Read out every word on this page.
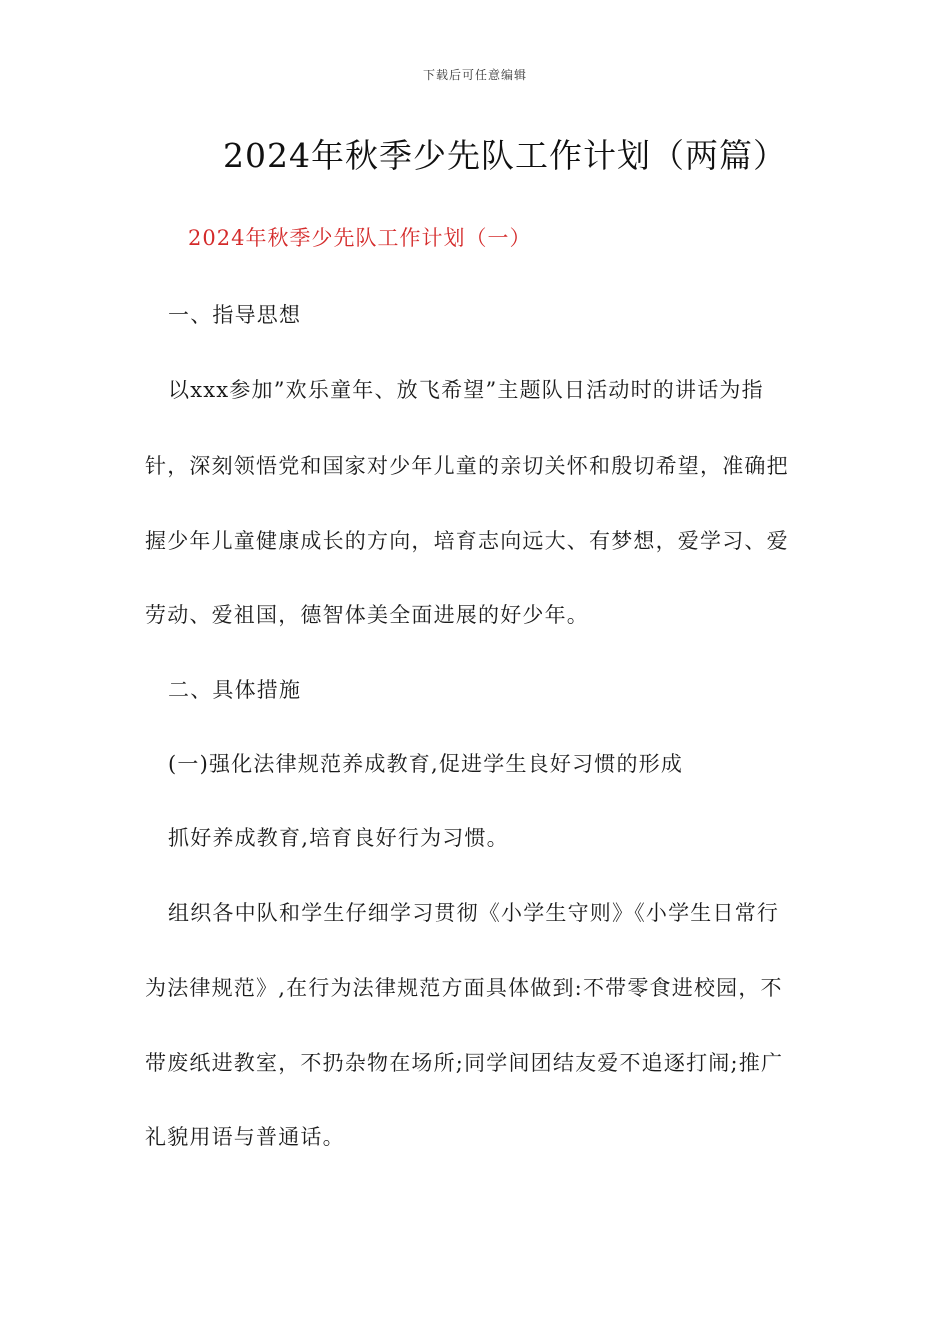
下载后可任意编辑
2024年秋季少先队工作计划（两篇）
2024年秋季少先队工作计划（一）
一、指导思想
以xxx参加”欢乐童年、放飞希望”主题队日活动时的讲话为指
针，深刻领悟党和国家对少年儿童的亲切关怀和殷切希望，准确把
握少年儿童健康成长的方向，培育志向远大、有梦想，爱学习、爱
劳动、爱祖国，德智体美全面进展的好少年。
二、具体措施
(一)强化法律规范养成教育,促进学生良好习惯的形成
抓好养成教育,培育良好行为习惯。
组织各中队和学生仔细学习贯彻《小学生守则》《小学生日常行
为法律规范》,在行为法律规范方面具体做到:不带零食进校园，不
带废纸进教室，不扔杂物在场所;同学间团结友爱不追逐打闹;推广
礼貌用语与普通话。
